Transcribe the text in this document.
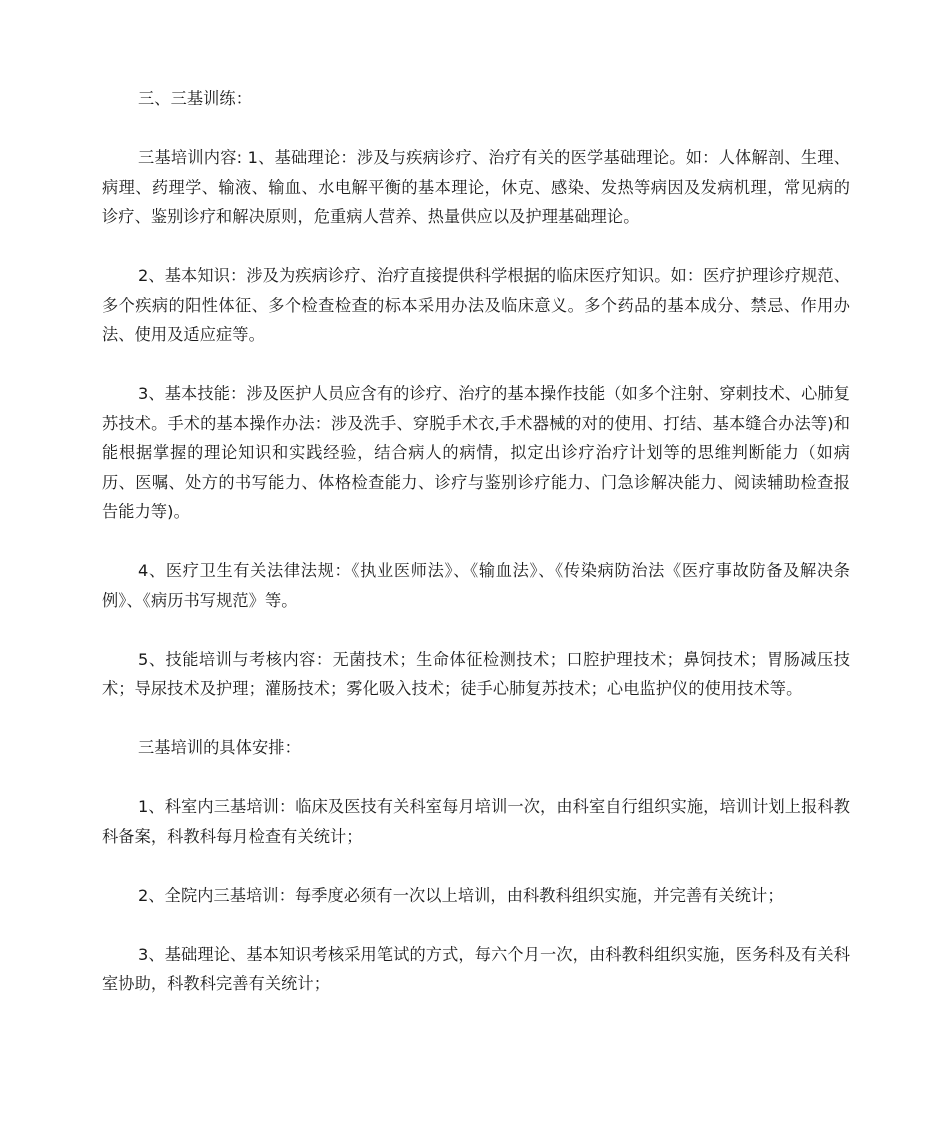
三、三基训练：

三基培训内容: 1、基础理论：涉及与疾病诊疗、治疗有关的医学基础理论。如：人体解剖、生理、病理、药理学、输液、输血、水电解平衡的基本理论，休克、感染、发热等病因及发病机理，常见病的诊疗、鉴别诊疗和解决原则，危重病人营养、热量供应以及护理基础理论。

2、基本知识：涉及为疾病诊疗、治疗直接提供科学根据的临床医疗知识。如：医疗护理诊疗规范、多个疾病的阳性体征、多个检查检查的标本采用办法及临床意义。多个药品的基本成分、禁忌、作用办法、使用及适应症等。

3、基本技能：涉及医护人员应含有的诊疗、治疗的基本操作技能（如多个注射、穿刺技术、心肺复苏技术。手术的基本操作办法：涉及洗手、穿脱手术衣,手术器械的对的使用、打结、基本缝合办法等)和能根据掌握的理论知识和实践经验，结合病人的病情，拟定出诊疗治疗计划等的思维判断能力（如病历、医嘱、处方的书写能力、体格检查能力、诊疗与鉴别诊疗能力、门急诊解决能力、阅读辅助检查报告能力等)。

4、医疗卫生有关法律法规：《执业医师法》、《输血法》、《传染病防治法《医疗事故防备及解决条例》、《病历书写规范》等。

5、技能培训与考核内容：无菌技术；生命体征检测技术；口腔护理技术；鼻饲技术；胃肠减压技术；导尿技术及护理；灌肠技术；雾化吸入技术；徒手心肺复苏技术；心电监护仪的使用技术等。

三基培训的具体安排：

1、科室内三基培训：临床及医技有关科室每月培训一次，由科室自行组织实施，培训计划上报科教科备案，科教科每月检查有关统计；

2、全院内三基培训：每季度必须有一次以上培训，由科教科组织实施，并完善有关统计；

3、基础理论、基本知识考核采用笔试的方式，每六个月一次，由科教科组织实施，医务科及有关科室协助，科教科完善有关统计；
